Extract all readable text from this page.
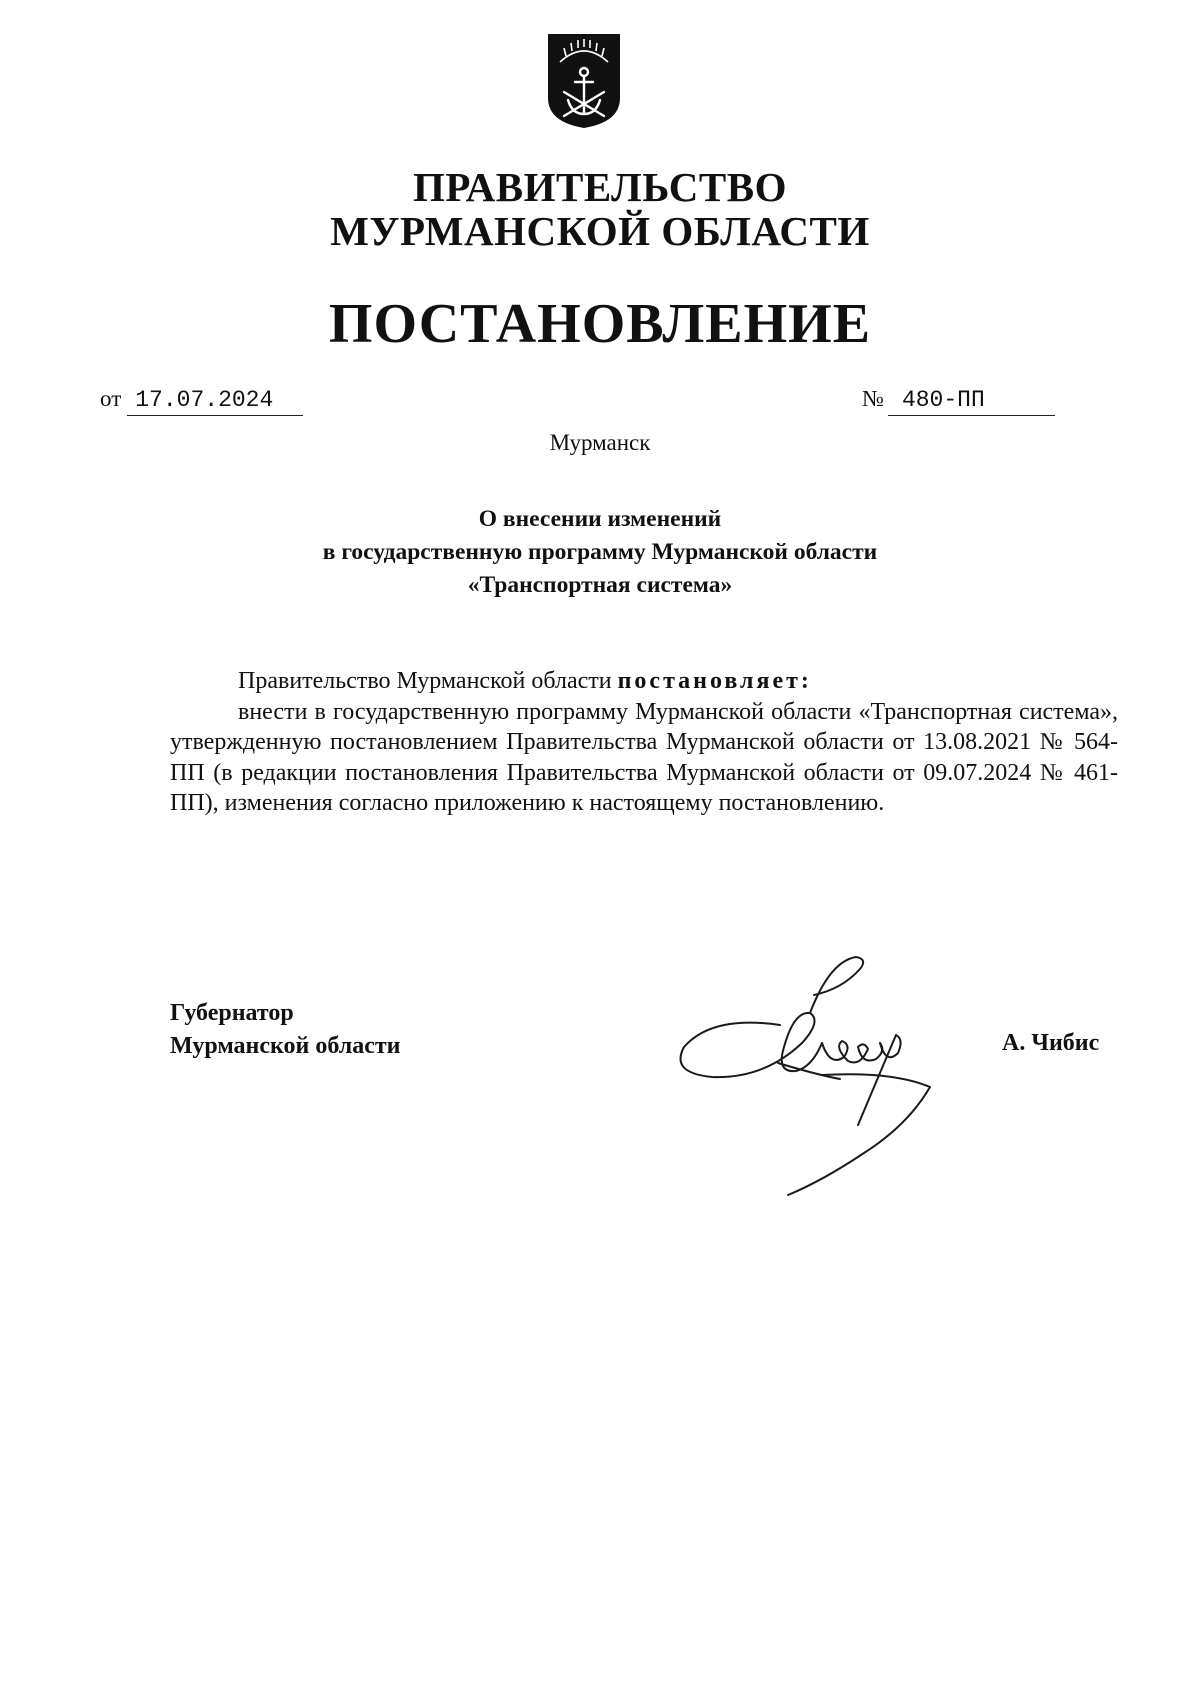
ПРАВИТЕЛЬСТВО
МУРМАНСКОЙ ОБЛАСТИ
ПОСТАНОВЛЕНИЕ
от 17.07.2024	№ 480-ПП
Мурманск
О внесении изменений
в государственную программу Мурманской области
«Транспортная система»
Правительство Мурманской области постановляет:
внести в государственную программу Мурманской области «Транспортная система», утвержденную постановлением Правительства Мурманской области от 13.08.2021 № 564-ПП (в редакции постановления Правительства Мурманской области от 09.07.2024 № 461-ПП), изменения согласно приложению к настоящему постановлению.
Губернатор
Мурманской области	А. Чибис
